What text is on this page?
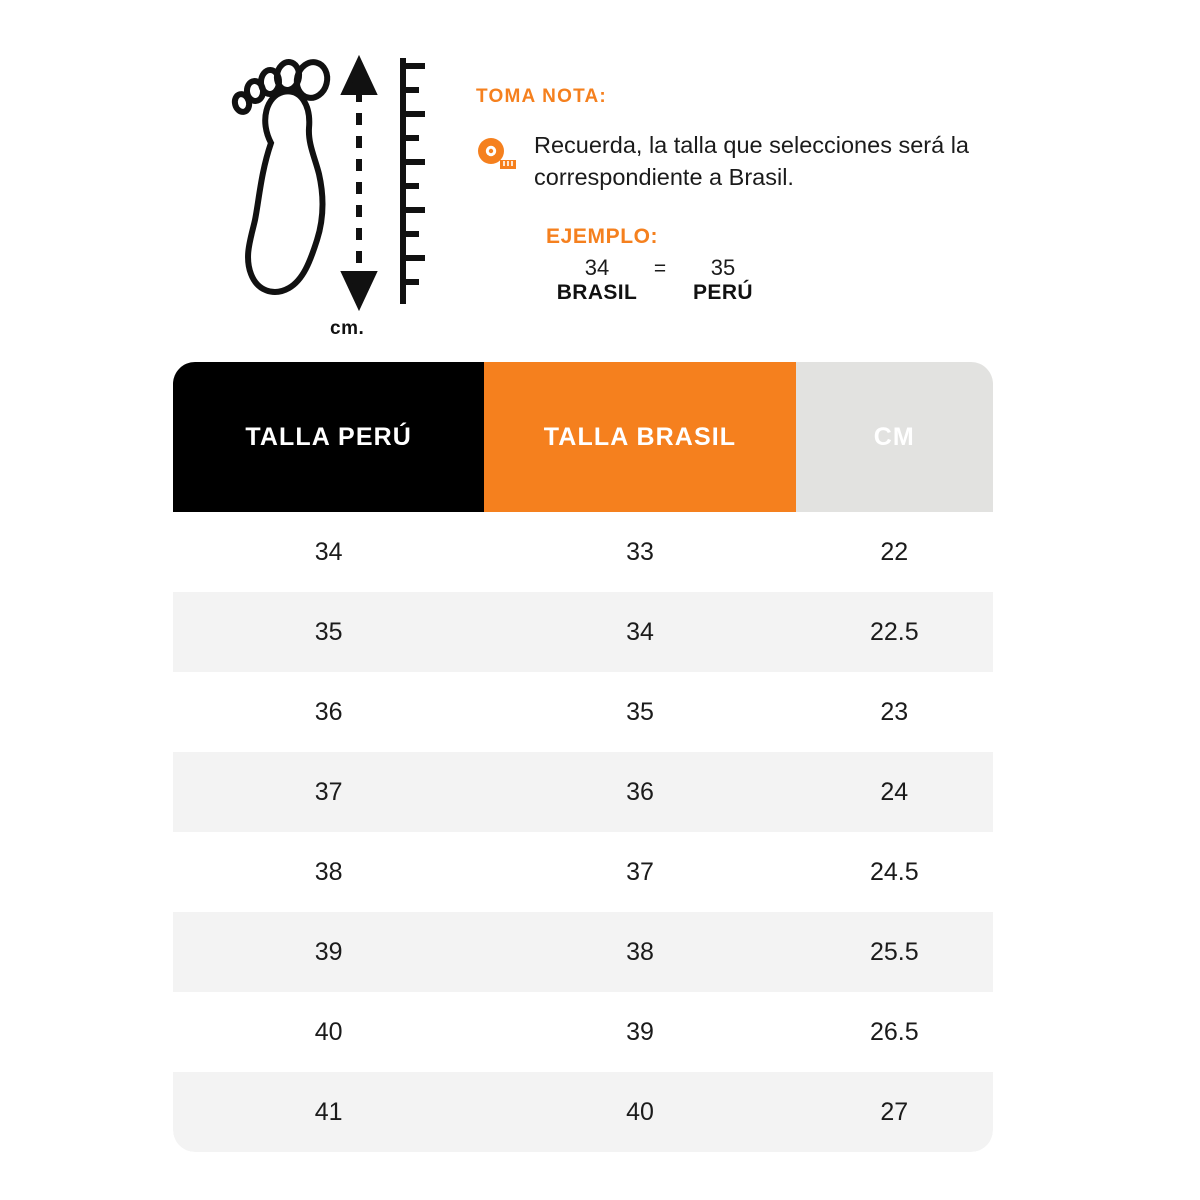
cm.
TOMA NOTA:
Recuerda, la talla que selecciones será la correspondiente a Brasil.
EJEMPLO:
34 = 35
BRASIL	PERÚ
TALLA PERÚ	TALLA BRASIL	CM
34	33	22
35	34	22.5
36	35	23
37	36	24
38	37	24.5
39	38	25.5
40	39	26.5
41	40	27
